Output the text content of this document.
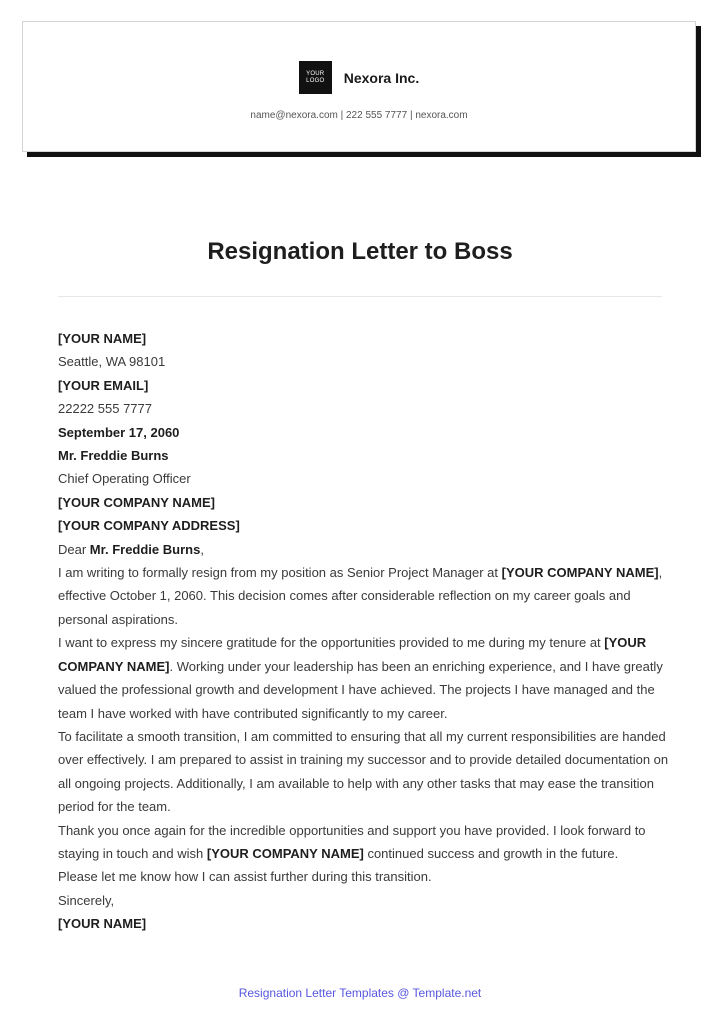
YOUR
LOGO Nexora Inc.
name@nexora.com | 222 555 7777 | nexora.com
Resignation Letter to Boss

[YOUR NAME]

Seattle, WA 98101

[YOUR EMAIL]

22222 555 7777

September 17, 2060

Mr. Freddie Burns

Chief Operating Officer

[YOUR COMPANY NAME]

[YOUR COMPANY ADDRESS]

Dear Mr. Freddie Burns,

I am writing to formally resign from my position as Senior Project Manager at [YOUR COMPANY NAME], effective October 1, 2060. This decision comes after considerable reflection on my career goals and personal aspirations.

I want to express my sincere gratitude for the opportunities provided to me during my tenure at [YOUR COMPANY NAME]. Working under your leadership has been an enriching experience, and I have greatly valued the professional growth and development I have achieved. The projects I have managed and the team I have worked with have contributed significantly to my career.

To facilitate a smooth transition, I am committed to ensuring that all my current responsibilities are handed over effectively. I am prepared to assist in training my successor and to provide detailed documentation on all ongoing projects. Additionally, I am available to help with any other tasks that may ease the transition period for the team.

Thank you once again for the incredible opportunities and support you have provided. I look forward to staying in touch and wish [YOUR COMPANY NAME] continued success and growth in the future.

Please let me know how I can assist further during this transition.

Sincerely,

[YOUR NAME]

Resignation Letter Templates @ Template.net
